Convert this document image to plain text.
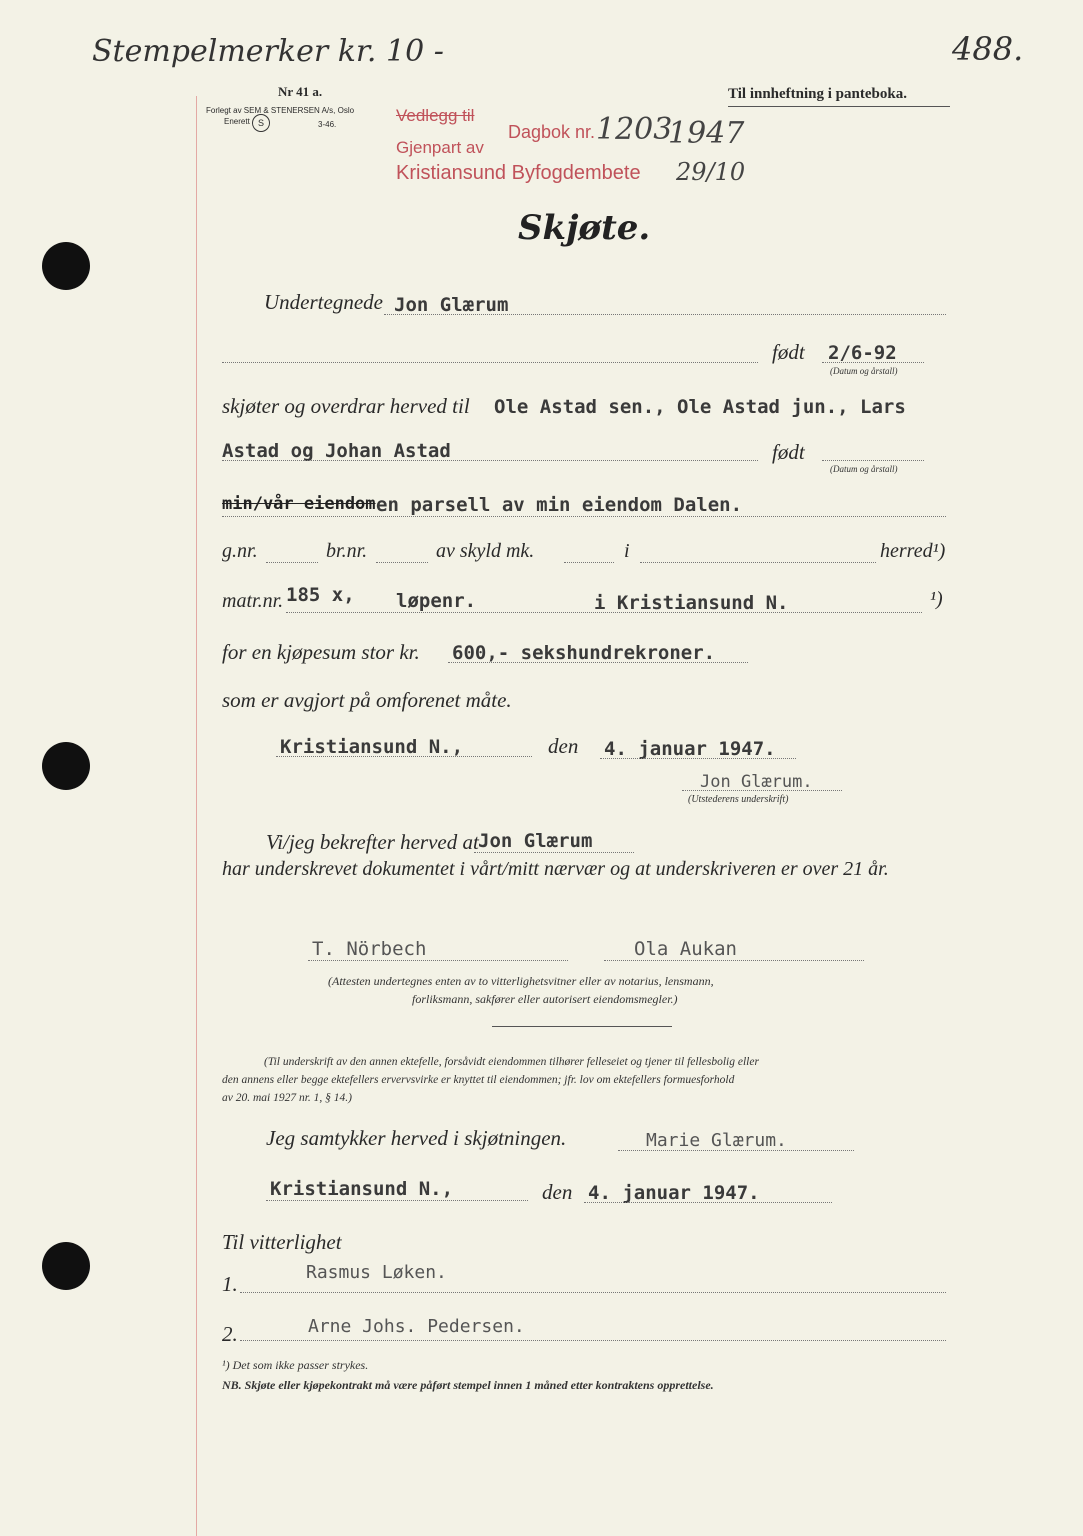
Stempelmerker kr. 10 -	488.
Nr 41 a.
Forlegt av SEM & STENERSEN A/s, Oslo
Enerett S	3-46.
Til innheftning i panteboka.
Vedlegg til
Gjenpart av
Kristiansund Byfogdembete
Dagbok nr. 1203
1947
29/10
Skjøte.
Undertegnede Jon Glærum
født 2/6-92
(Datum og årstall)
skjøter og overdrar herved til Ole Astad sen., Ole Astad jun., Lars
Astad og Johan Astad	født
(Datum og årstall)
min/vår eiendom en parsell av min eiendom Dalen.
g.nr.	br.nr.	av skyld mk.	i	herred¹)
matr.nr. 185 x, løpenr.	i Kristiansund N.	¹)
for en kjøpesum stor kr. 600,- sekshundrekroner.
som er avgjort på omforenet måte.
Kristiansund N.,	den 4. januar 1947.
Jon Glærum.
(Utstederens underskrift)
Vi/jeg bekrefter herved at Jon Glærum
har underskrevet dokumentet i vårt/mitt nærvær og at underskriveren er over 21 år.
T. Nörbech	Ola Aukan
(Attesten undertegnes enten av to vitterlighetsvitner eller av notarius, lensmann,
forliksmann, sakfører eller autorisert eiendomsmegler.)
(Til underskrift av den annen ektefelle, forsåvidt eiendommen tilhører felleseiet og tjener til fellesbolig eller
den annens eller begge ektefellers ervervsvirke er knyttet til eiendommen; jfr. lov om ektefellers formuesforhold
av 20. mai 1927 nr. 1, § 14.)
Jeg samtykker herved i skjøtningen.	Marie Glærum.
Kristiansund N.,	den 4. januar 1947.
Til vitterlighet
1.	Rasmus Løken.
2.	Arne Johs. Pedersen.
¹) Det som ikke passer strykes.
NB. Skjøte eller kjøpekontrakt må være påført stempel innen 1 måned etter kontraktens opprettelse.
